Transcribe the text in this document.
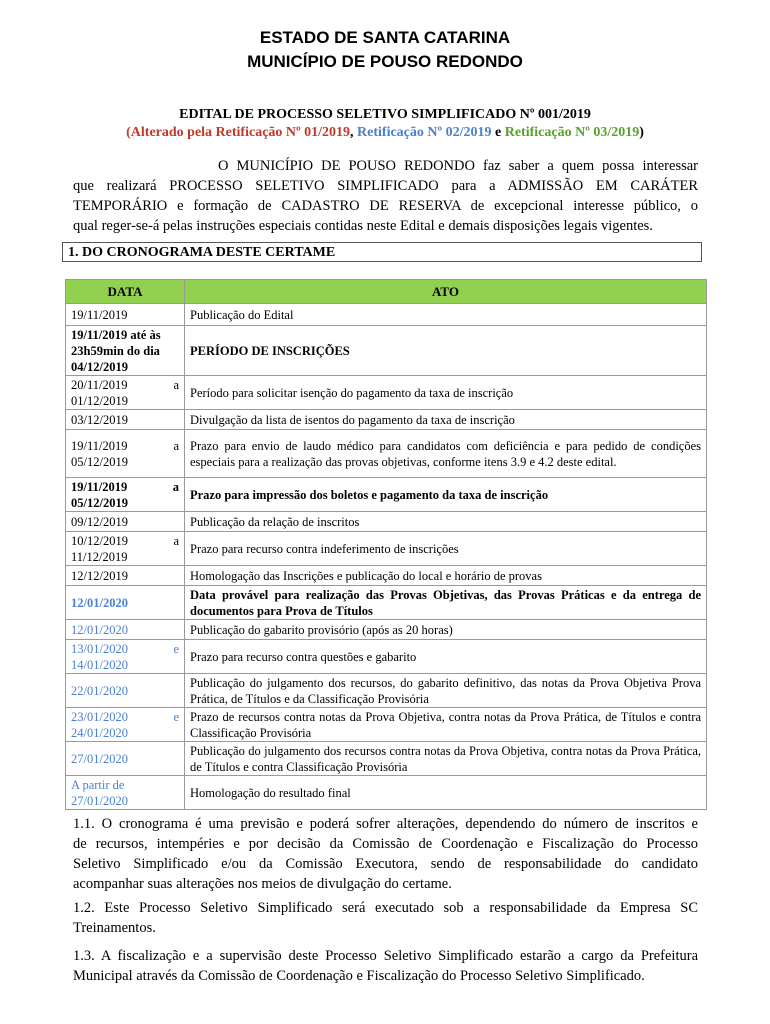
ESTADO DE SANTA CATARINA
MUNICÍPIO DE POUSO REDONDO
EDITAL DE PROCESSO SELETIVO SIMPLIFICADO Nº 001/2019
(Alterado pela Retificação Nº 01/2019, Retificação Nº 02/2019 e Retificação Nº 03/2019)
O MUNICÍPIO DE POUSO REDONDO faz saber a quem possa interessar
que realizará PROCESSO SELETIVO SIMPLIFICADO para a ADMISSÃO EM CARÁTER
TEMPORÁRIO e formação de CADASTRO DE RESERVA de excepcional interesse público, o
qual reger-se-á pelas instruções especiais contidas neste Edital e demais disposições legais vigentes.
1. DO CRONOGRAMA DESTE CERTAME
DATA	ATO
19/11/2019	Publicação do Edital
19/11/2019 até às 23h59min do dia 04/12/2019	PERÍODO DE INSCRIÇÕES

20/11/2019 a
01/12/2019	Período para solicitar isenção do pagamento da taxa de inscrição
03/12/2019	Divulgação da lista de isentos do pagamento da taxa de inscrição

19/11/2019 a
05/12/2019	Prazo para envio de laudo médico para candidatos com deficiência e para pedido de condições especiais para a realização das provas objetivas, conforme itens 3.9 e 4.2 deste edital.

19/11/2019 a
05/12/2019	Prazo para impressão dos boletos e pagamento da taxa de inscrição
09/12/2019	Publicação da relação de inscritos

10/12/2019 a
11/12/2019	Prazo para recurso contra indeferimento de inscrições
12/12/2019	Homologação das Inscrições e publicação do local e horário de provas
12/01/2020	Data provável para realização das Provas Objetivas, das Provas Práticas e da entrega de documentos para Prova de Títulos
12/01/2020	Publicação do gabarito provisório (após as 20 horas)

13/01/2020 e
14/01/2020	Prazo para recurso contra questões e gabarito
22/01/2020	Publicação do julgamento dos recursos, do gabarito definitivo, das notas da Prova Objetiva Prova Prática, de Títulos e da Classificação Provisória

23/01/2020 e
24/01/2020	Prazo de recursos contra notas da Prova Objetiva, contra notas da Prova Prática, de Títulos e contra Classificação Provisória
27/01/2020	Publicação do julgamento dos recursos contra notas da Prova Objetiva, contra notas da Prova Prática, de Títulos e contra Classificação Provisória

A partir de
27/01/2020	Homologação do resultado final
1.1. O cronograma é uma previsão e poderá sofrer alterações, dependendo do número de inscritos e
de recursos, intempéries e por decisão da Comissão de Coordenação e Fiscalização do Processo
Seletivo Simplificado e/ou da Comissão Executora, sendo de responsabilidade do candidato
acompanhar suas alterações nos meios de divulgação do certame.
1.2. Este Processo Seletivo Simplificado será executado sob a responsabilidade da Empresa SC
Treinamentos.
1.3. A fiscalização e a supervisão deste Processo Seletivo Simplificado estarão a cargo da Prefeitura
Municipal através da Comissão de Coordenação e Fiscalização do Processo Seletivo Simplificado.
